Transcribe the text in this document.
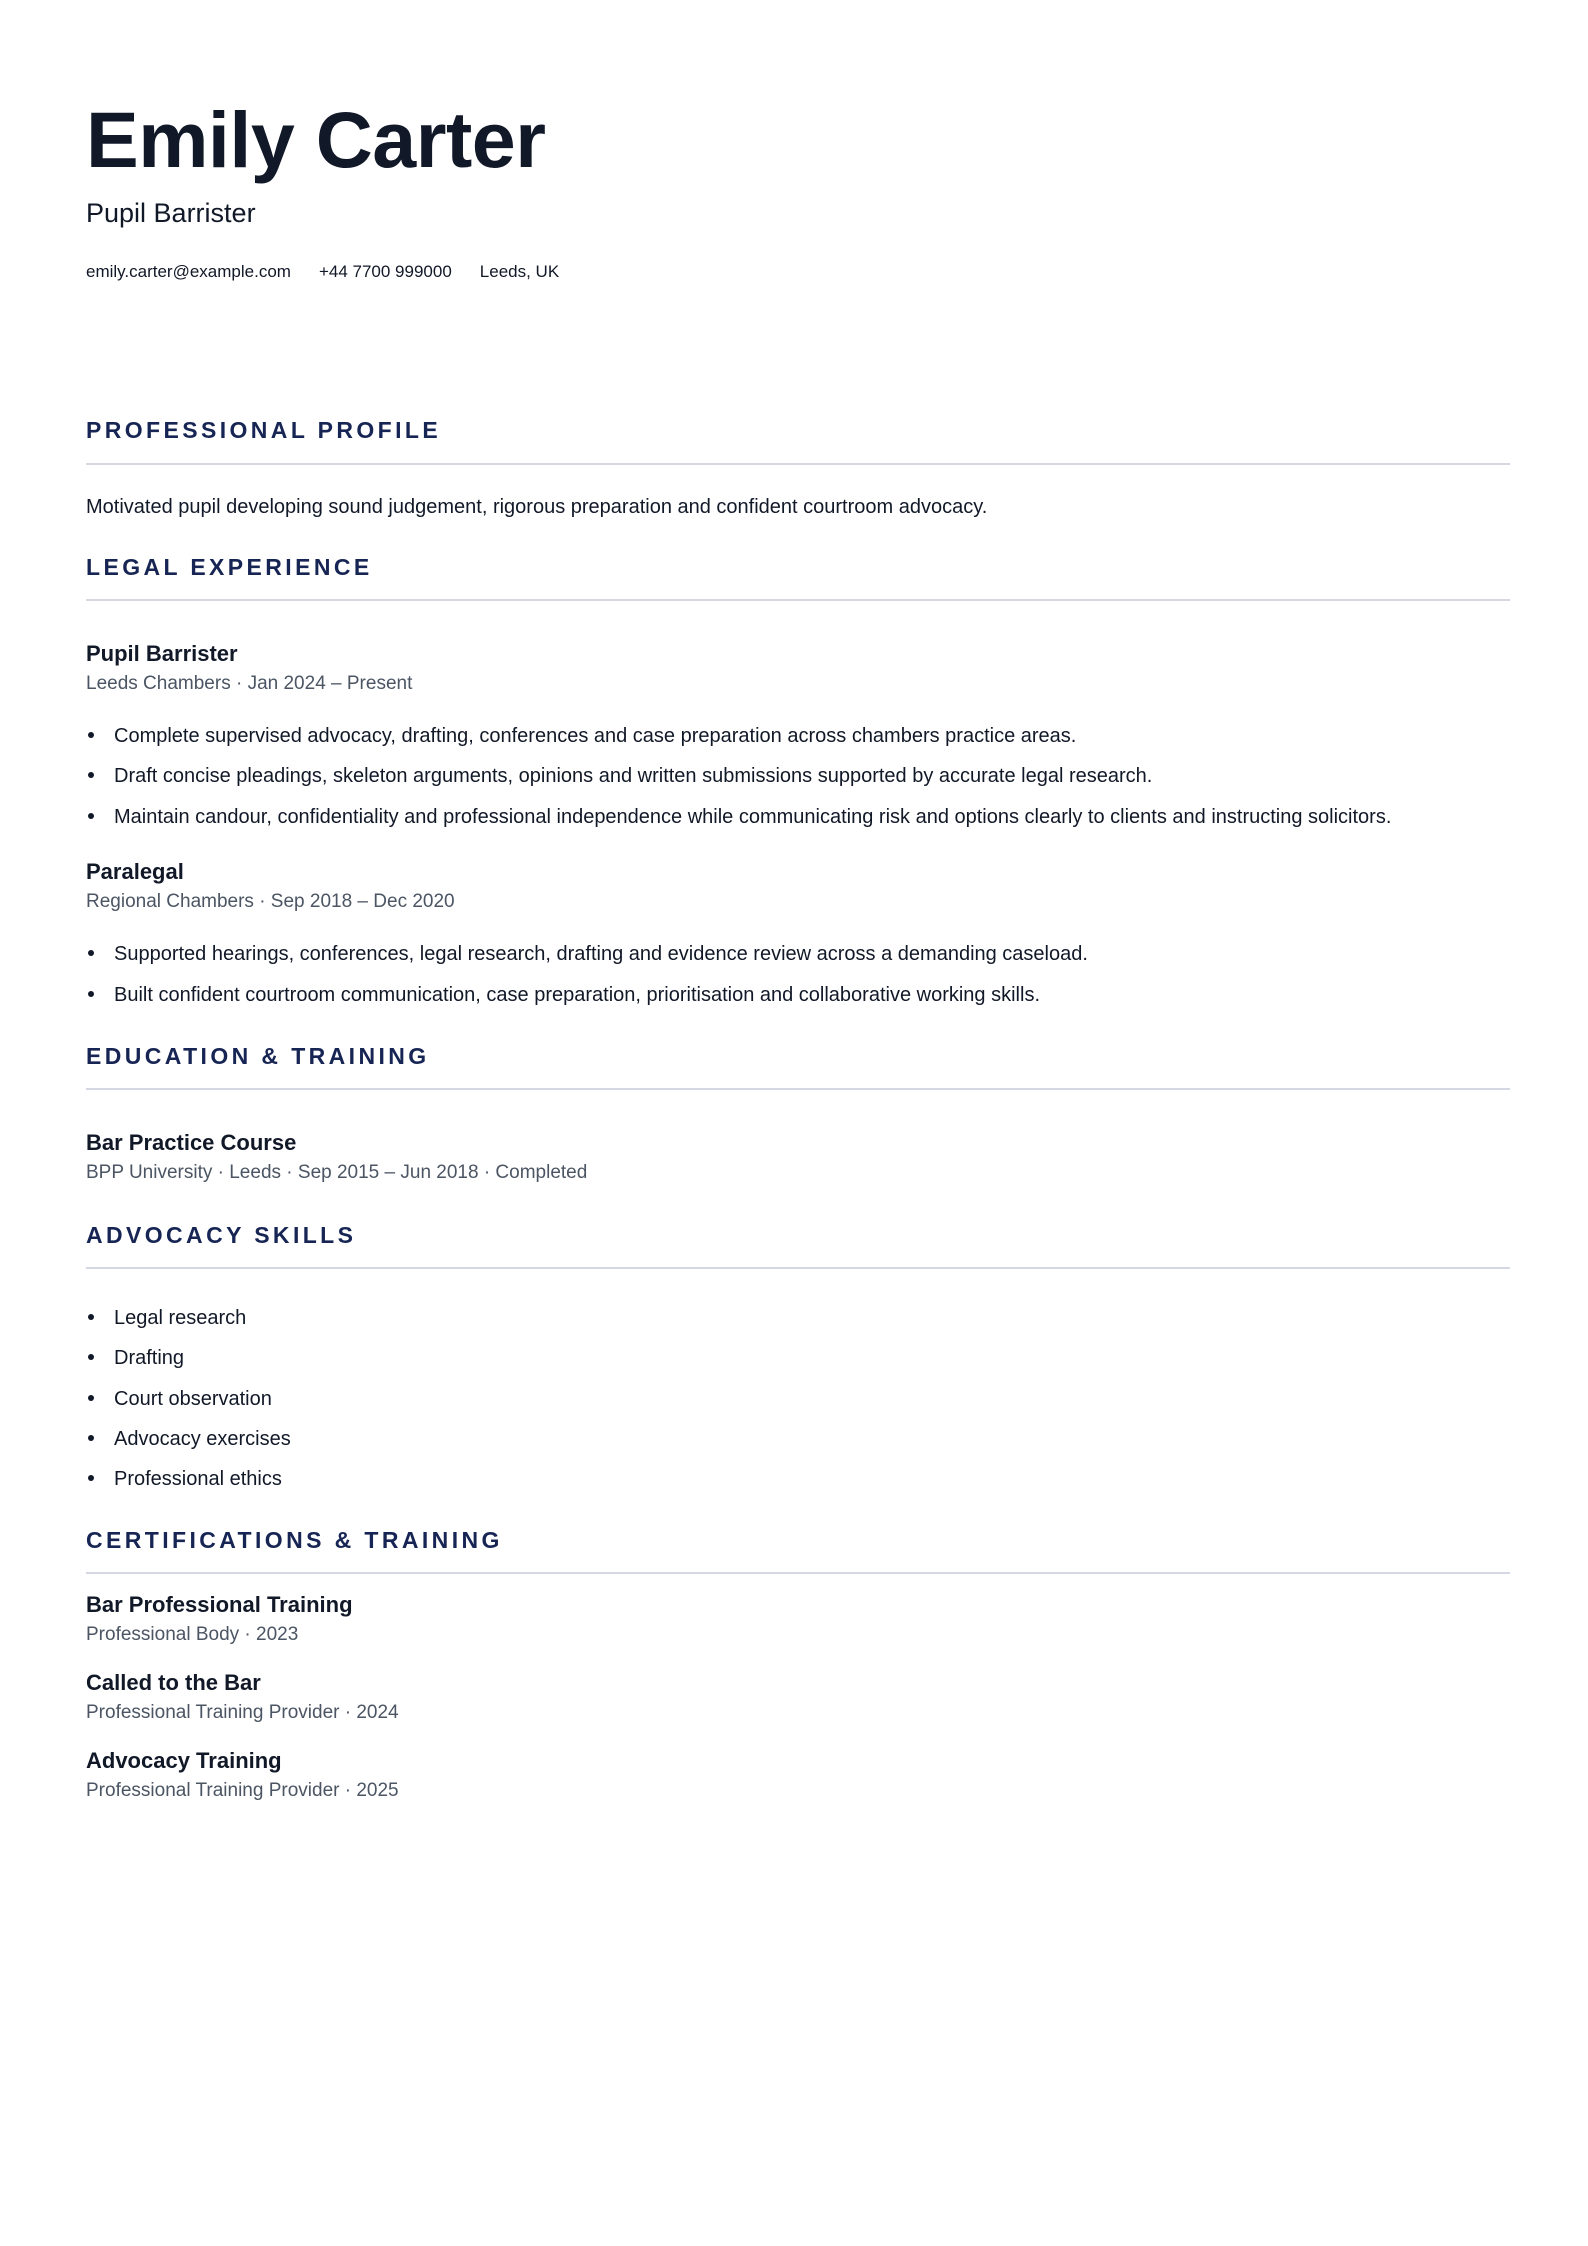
Emily Carter
Pupil Barrister
emily.carter@example.com +44 7700 999000 Leeds, UK
PROFESSIONAL PROFILE
Motivated pupil developing sound judgement, rigorous preparation and confident courtroom advocacy.
LEGAL EXPERIENCE
Pupil Barrister
Leeds Chambers · Jan 2024 – Present
Complete supervised advocacy, drafting, conferences and case preparation across chambers practice areas.
Draft concise pleadings, skeleton arguments, opinions and written submissions supported by accurate legal research.
Maintain candour, confidentiality and professional independence while communicating risk and options clearly to clients and instructing solicitors.
Paralegal
Regional Chambers · Sep 2018 – Dec 2020
Supported hearings, conferences, legal research, drafting and evidence review across a demanding caseload.
Built confident courtroom communication, case preparation, prioritisation and collaborative working skills.
EDUCATION & TRAINING
Bar Practice Course
BPP University · Leeds · Sep 2015 – Jun 2018 · Completed
ADVOCACY SKILLS
Legal research
Drafting
Court observation
Advocacy exercises
Professional ethics
CERTIFICATIONS & TRAINING
Bar Professional Training
Professional Body · 2023
Called to the Bar
Professional Training Provider · 2024
Advocacy Training
Professional Training Provider · 2025
